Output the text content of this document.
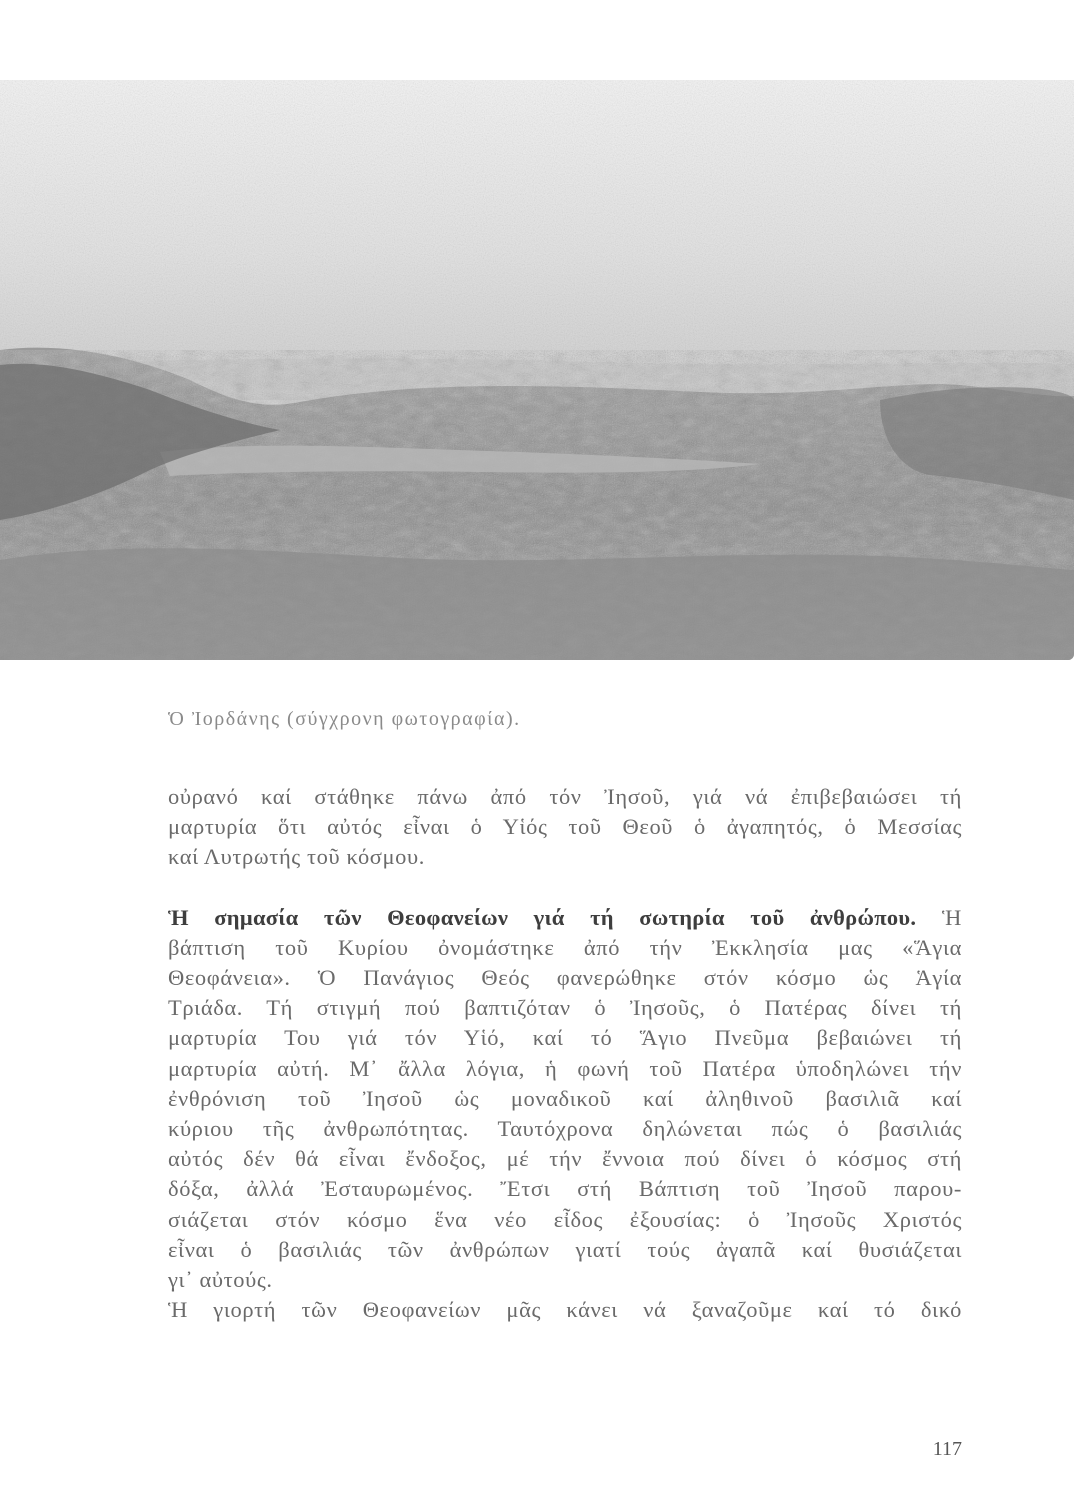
Ὁ Ἰορδάνης (σύγχρονη φωτογραφία).

οὐρανό καί στάθηκε πάνω ἀπό τόν Ἰησοῦ, γιά νά ἐπιβεβαιώσει τή
μαρτυρία ὅτι αὐτός εἶναι ὁ Υἱός τοῦ Θεοῦ ὁ ἀγαπητός, ὁ Μεσσίας
καί Λυτρωτής τοῦ κόσμου.

Ἡ σημασία τῶν Θεοφανείων γιά τή σωτηρία τοῦ ἀνθρώπου. Ἡ
βάπτιση τοῦ Κυρίου ὀνομάστηκε ἀπό τήν Ἐκκλησία μας «Ἅγια
Θεοφάνεια». Ὁ Πανάγιος Θεός φανερώθηκε στόν κόσμο ὡς Ἁγία
Τριάδα. Τή στιγμή πού βαπτιζόταν ὁ Ἰησοῦς, ὁ Πατέρας δίνει τή
μαρτυρία Του γιά τόν Υἱό, καί τό Ἅγιο Πνεῦμα βεβαιώνει τή
μαρτυρία αὐτή. Μ᾽ ἄλλα λόγια, ἡ φωνή τοῦ Πατέρα ὑποδηλώνει τήν
ἐνθρόνιση τοῦ Ἰησοῦ ὡς μοναδικοῦ καί ἀληθινοῦ βασιλιᾶ καί
κύριου τῆς ἀνθρωπότητας. Ταυτόχρονα δηλώνεται πώς ὁ βασιλιάς
αὐτός δέν θά εἶναι ἔνδοξος, μέ τήν ἔννοια πού δίνει ὁ κόσμος στή
δόξα, ἀλλά Ἐσταυρωμένος. Ἔτσι στή Βάπτιση τοῦ Ἰησοῦ παρου-
σιάζεται στόν κόσμο ἕνα νέο εἶδος ἐξουσίας: ὁ Ἰησοῦς Χριστός
εἶναι ὁ βασιλιάς τῶν ἀνθρώπων γιατί τούς ἀγαπᾶ καί θυσιάζεται
γι᾽ αὐτούς.

Ἡ γιορτή τῶν Θεοφανείων μᾶς κάνει νά ξαναζοῦμε καί τό δικό

117
